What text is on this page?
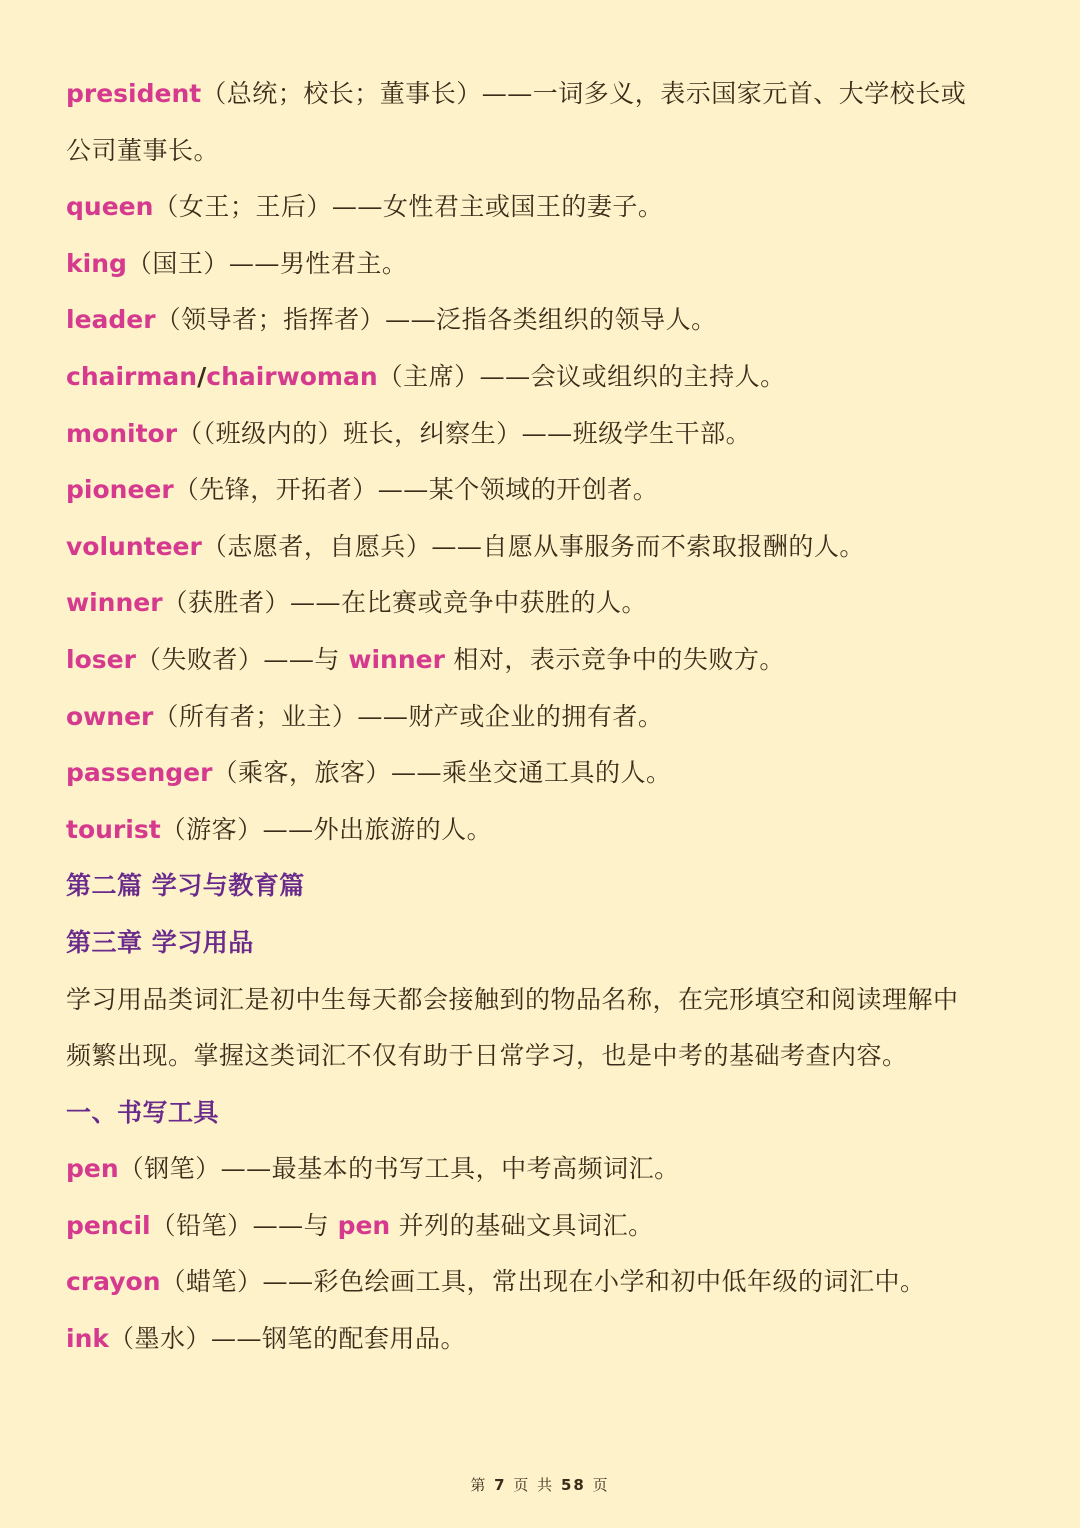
president（总统；校长；董事长）——一词多义，表示国家元首、大学校长或
公司董事长。
queen（女王；王后）——女性君主或国王的妻子。
king（国王）——男性君主。
leader（领导者；指挥者）——泛指各类组织的领导人。
chairman/chairwoman（主席）——会议或组织的主持人。
monitor（（班级内的）班长，纠察生）——班级学生干部。
pioneer（先锋，开拓者）——某个领域的开创者。
volunteer（志愿者，自愿兵）——自愿从事服务而不索取报酬的人。
winner（获胜者）——在比赛或竞争中获胜的人。
loser（失败者）——与 winner 相对，表示竞争中的失败方。
owner（所有者；业主）——财产或企业的拥有者。
passenger（乘客，旅客）——乘坐交通工具的人。
tourist（游客）——外出旅游的人。
第二篇 学习与教育篇
第三章 学习用品
学习用品类词汇是初中生每天都会接触到的物品名称，在完形填空和阅读理解中
频繁出现。掌握这类词汇不仅有助于日常学习，也是中考的基础考查内容。
一、书写工具
pen（钢笔）——最基本的书写工具，中考高频词汇。
pencil（铅笔）——与 pen 并列的基础文具词汇。
crayon（蜡笔）——彩色绘画工具，常出现在小学和初中低年级的词汇中。
ink（墨水）——钢笔的配套用品。
第 7 页 共 58 页
